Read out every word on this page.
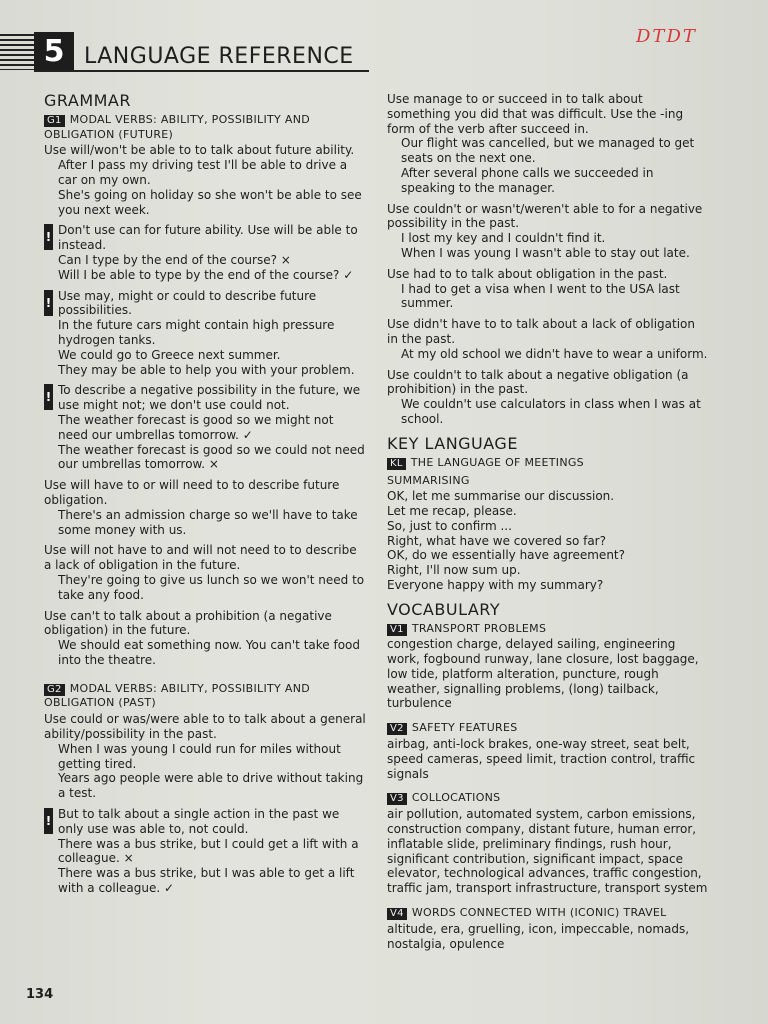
5 LANGUAGE REFERENCE
DTDT
GRAMMAR
G1 MODAL VERBS: ABILITY, POSSIBILITY AND OBLIGATION (FUTURE)

Use will/won't be able to to talk about future ability.

After I pass my driving test I'll be able to drive a car on my own.

She's going on holiday so she won't be able to see you next week.

! Don't use can for future ability. Use will be able to instead.

Can I type by the end of the course? ×

Will I be able to type by the end of the course? ✓

! Use may, might or could to describe future possibilities.

In the future cars might contain high pressure hydrogen tanks.

We could go to Greece next summer.

They may be able to help you with your problem.

! To describe a negative possibility in the future, we use might not; we don't use could not.

The weather forecast is good so we might not need our umbrellas tomorrow. ✓

The weather forecast is good so we could not need our umbrellas tomorrow. ×

Use will have to or will need to to describe future obligation.

There's an admission charge so we'll have to take some money with us.

Use will not have to and will not need to to describe a lack of obligation in the future.

They're going to give us lunch so we won't need to take any food.

Use can't to talk about a prohibition (a negative obligation) in the future.

We should eat something now. You can't take food into the theatre.

G2 MODAL VERBS: ABILITY, POSSIBILITY AND OBLIGATION (PAST)

Use could or was/were able to to talk about a general ability/possibility in the past.

When I was young I could run for miles without getting tired.

Years ago people were able to drive without taking a test.

! But to talk about a single action in the past we only use was able to, not could.

There was a bus strike, but I could get a lift with a colleague. ×

There was a bus strike, but I was able to get a lift with a colleague. ✓

Use manage to or succeed in to talk about something you did that was difficult. Use the -ing form of the verb after succeed in.

Our flight was cancelled, but we managed to get seats on the next one.

After several phone calls we succeeded in speaking to the manager.

Use couldn't or wasn't/weren't able to for a negative possibility in the past.

I lost my key and I couldn't find it.

When I was young I wasn't able to stay out late.

Use had to to talk about obligation in the past.

I had to get a visa when I went to the USA last summer.

Use didn't have to to talk about a lack of obligation in the past.

At my old school we didn't have to wear a uniform.

Use couldn't to talk about a negative obligation (a prohibition) in the past.

We couldn't use calculators in class when I was at school.

KEY LANGUAGE
KL THE LANGUAGE OF MEETINGS
SUMMARISING

OK, let me summarise our discussion.

Let me recap, please.

So, just to confirm ...

Right, what have we covered so far?

OK, do we essentially have agreement?

Right, I'll now sum up.

Everyone happy with my summary?

VOCABULARY
V1 TRANSPORT PROBLEMS

congestion charge, delayed sailing, engineering work, fogbound runway, lane closure, lost baggage, low tide, platform alteration, puncture, rough weather, signalling problems, (long) tailback, turbulence

V2 SAFETY FEATURES

airbag, anti-lock brakes, one-way street, seat belt, speed cameras, speed limit, traction control, traffic signals

V3 COLLOCATIONS

air pollution, automated system, carbon emissions, construction company, distant future, human error, inflatable slide, preliminary findings, rush hour, significant contribution, significant impact, space elevator, technological advances, traffic congestion, traffic jam, transport infrastructure, transport system

V4 WORDS CONNECTED WITH (ICONIC) TRAVEL

altitude, era, gruelling, icon, impeccable, nomads, nostalgia, opulence

134
